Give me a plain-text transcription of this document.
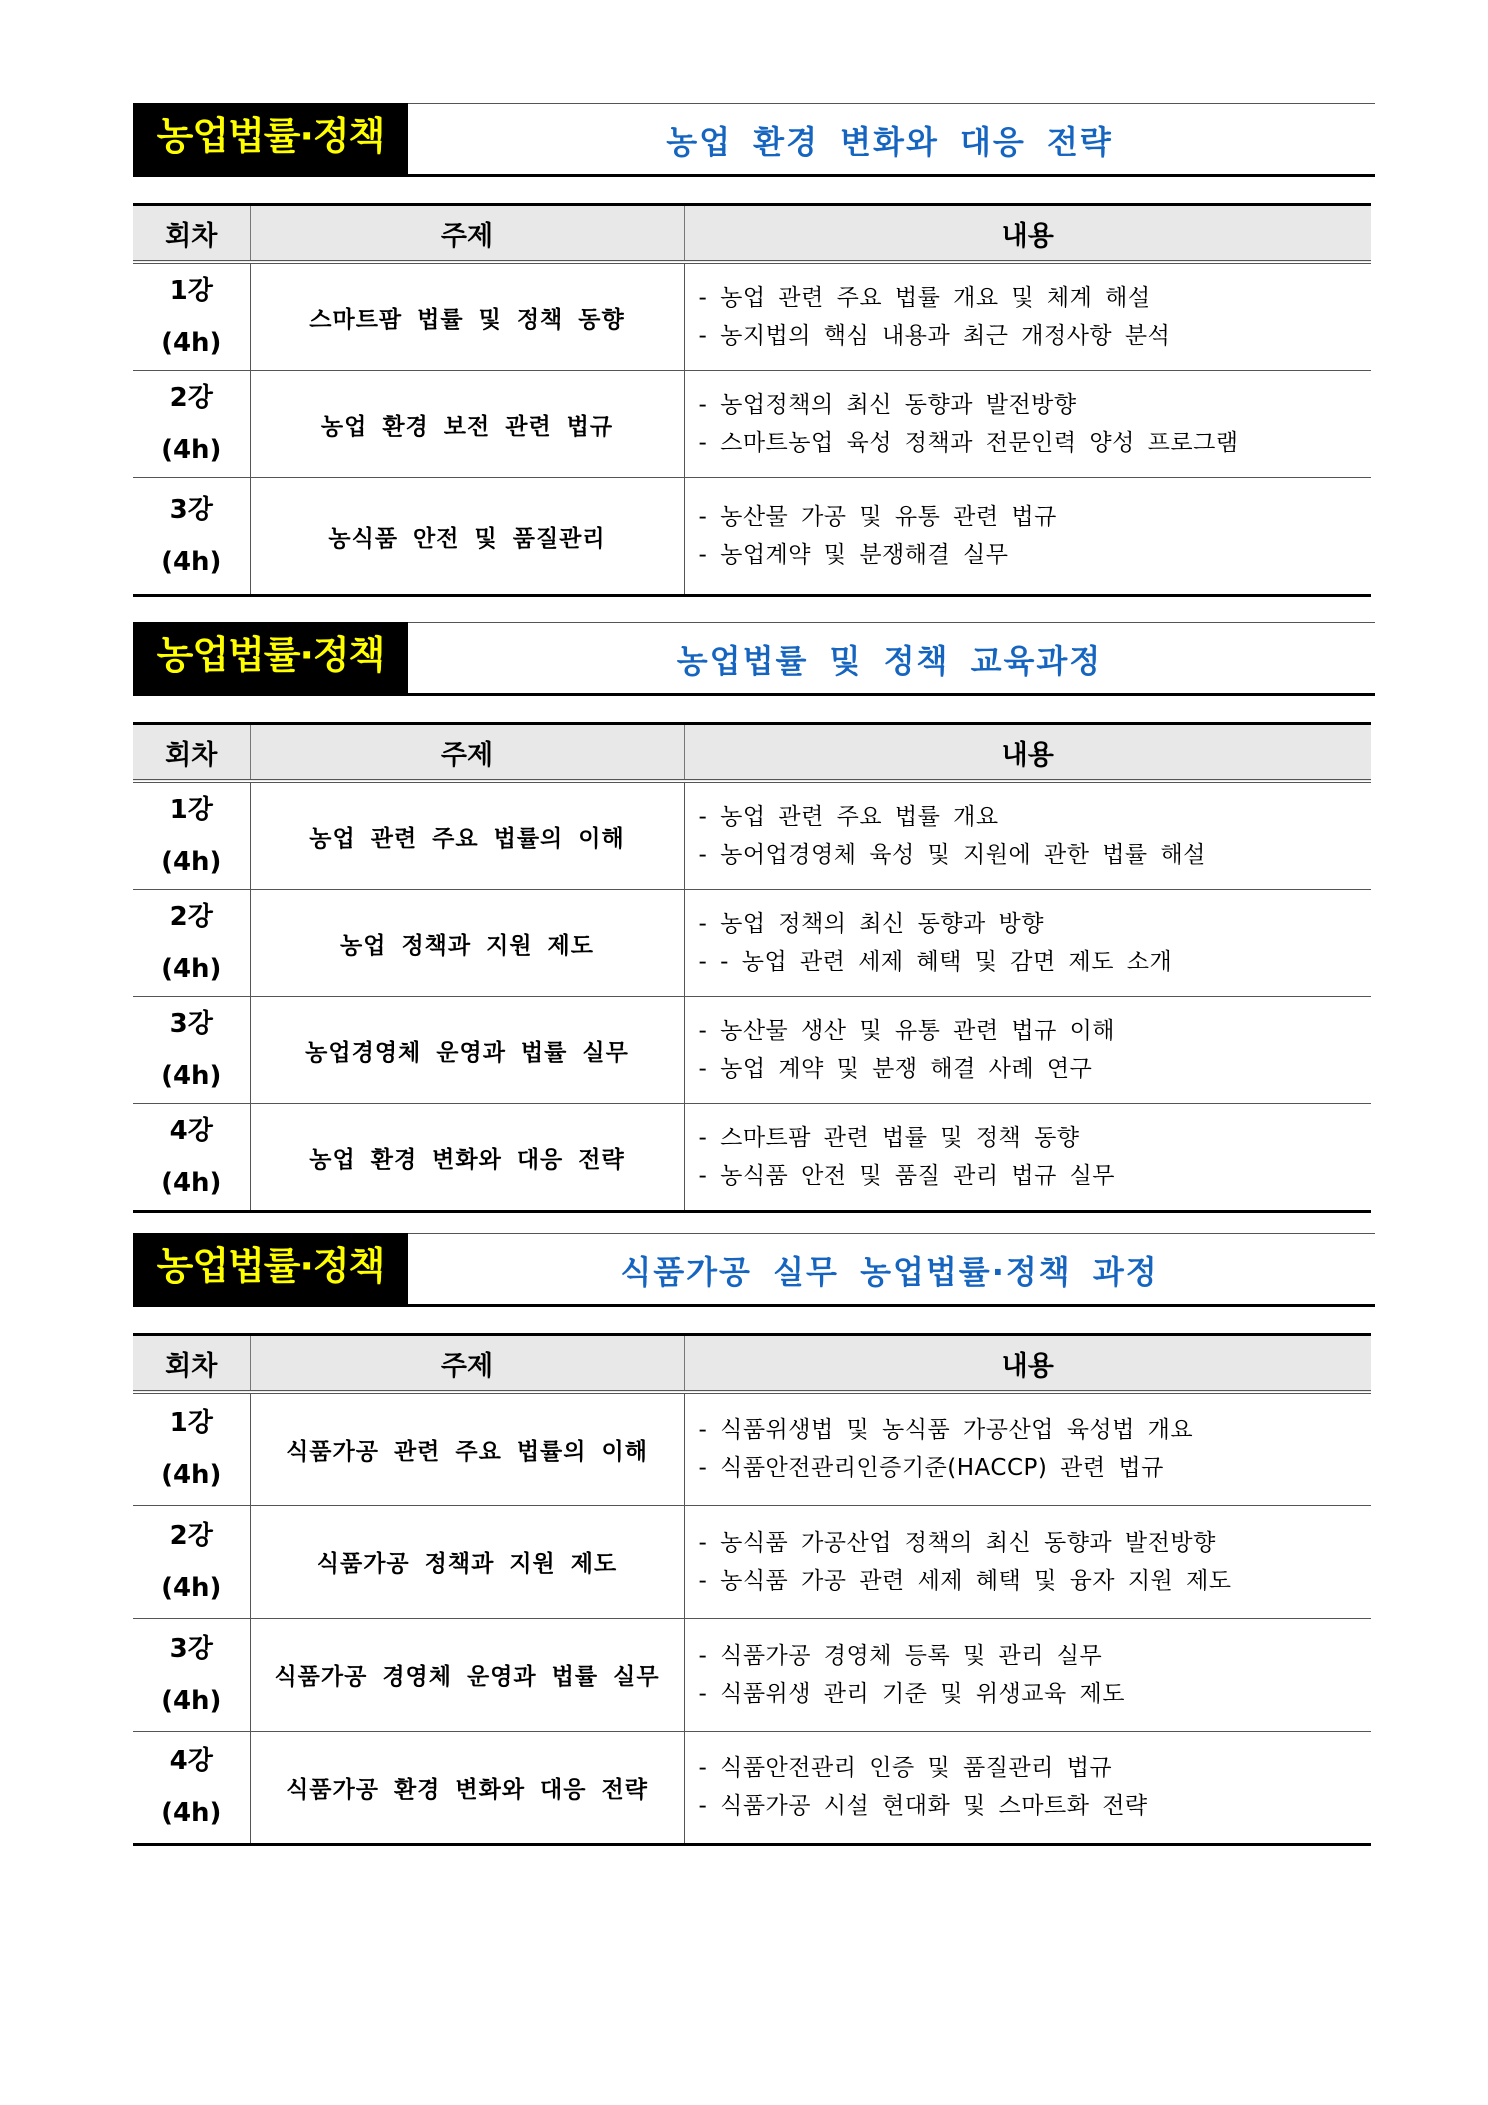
농업법률·정책	농업 환경 변화와 대응 전략
회차	주제	내용

1강
(4h)	스마트팜 법률 및 정책 동향	- 농업 관련 주요 법률 개요 및 체계 해설
- 농지법의 핵심 내용과 최근 개정사항 분석

2강
(4h)	농업 환경 보전 관련 법규	- 농업정책의 최신 동향과 발전방향
- 스마트농업 육성 정책과 전문인력 양성 프로그램

3강
(4h)	농식품 안전 및 품질관리	- 농산물 가공 및 유통 관련 법규
- 농업계약 및 분쟁해결 실무
농업법률·정책	농업법률 및 정책 교육과정
회차	주제	내용

1강
(4h)	농업 관련 주요 법률의 이해	- 농업 관련 주요 법률 개요
- 농어업경영체 육성 및 지원에 관한 법률 해설

2강
(4h)	농업 정책과 지원 제도	- 농업 정책의 최신 동향과 방향
- - 농업 관련 세제 혜택 및 감면 제도 소개

3강
(4h)	농업경영체 운영과 법률 실무	- 농산물 생산 및 유통 관련 법규 이해
- 농업 계약 및 분쟁 해결 사례 연구

4강
(4h)	농업 환경 변화와 대응 전략	- 스마트팜 관련 법률 및 정책 동향
- 농식품 안전 및 품질 관리 법규 실무
농업법률·정책	식품가공 실무 농업법률·정책 과정
회차	주제	내용

1강
(4h)	식품가공 관련 주요 법률의 이해	- 식품위생법 및 농식품 가공산업 육성법 개요
- 식품안전관리인증기준(HACCP) 관련 법규

2강
(4h)	식품가공 정책과 지원 제도	- 농식품 가공산업 정책의 최신 동향과 발전방향
- 농식품 가공 관련 세제 혜택 및 융자 지원 제도

3강
(4h)	식품가공 경영체 운영과 법률 실무	- 식품가공 경영체 등록 및 관리 실무
- 식품위생 관리 기준 및 위생교육 제도

4강
(4h)	식품가공 환경 변화와 대응 전략	- 식품안전관리 인증 및 품질관리 법규
- 식품가공 시설 현대화 및 스마트화 전략
